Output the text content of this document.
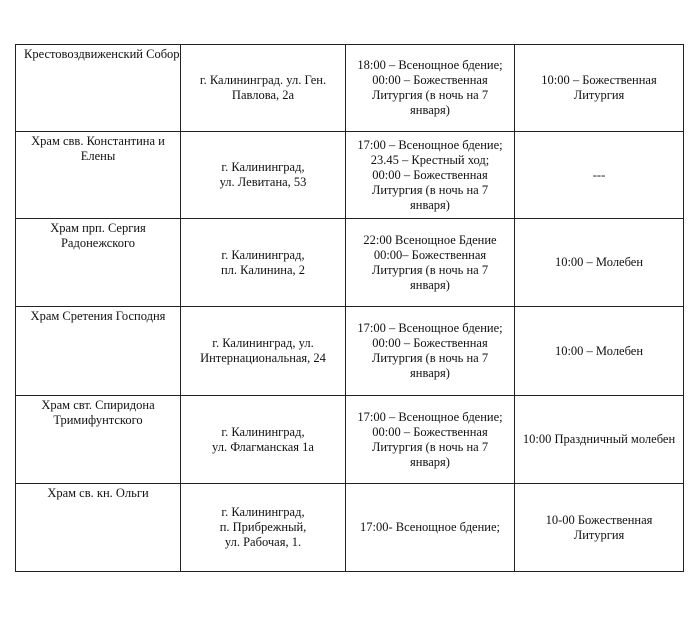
Крестовоздвиженский Собор	г. Калининград. ул. Ген.
Павлова, 2а	18:00 – Всенощное бдение;
00:00 – Божественная
Литургия (в ночь на 7
января)	10:00 – Божественная
Литургия

Храм свв. Константина и
Елены	г. Калининград,
ул. Левитана, 53	17:00 – Всенощное бдение;
23.45 – Крестный ход;
00:00 – Божественная
Литургия (в ночь на 7
января)	---

Храм прп. Сергия
Радонежского	г. Калининград,
пл. Калинина, 2	22:00 Всенощное Бдение
00:00– Божественная
Литургия (в ночь на 7
января)	10:00 – Молебен

Храм Сретения Господня	г. Калининград, ул.
Интернациональная, 24	17:00 – Всенощное бдение;
00:00 – Божественная
Литургия (в ночь на 7
января)	10:00 – Молебен

Храм свт. Спиридона
Тримифунтского	г. Калининград,
ул. Флагманская 1а	17:00 – Всенощное бдение;
00:00 – Божественная
Литургия (в ночь на 7
января)	10:00 Праздничный молебен

Храм св. кн. Ольги	г. Калининград,
п. Прибрежный,
ул. Рабочая, 1.	17:00- Всенощное бдение;	10-00 Божественная
Литургия
